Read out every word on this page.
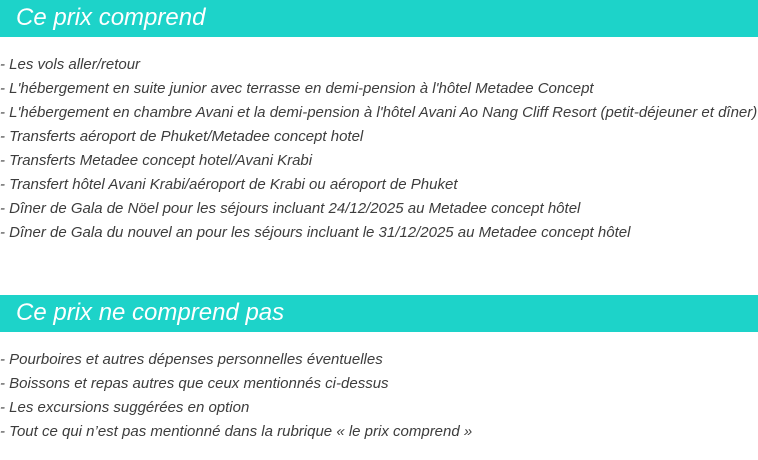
Ce prix comprend
- Les vols aller/retour
- L'hébergement en suite junior avec terrasse en demi-pension à l'hôtel Metadee Concept
- L'hébergement en chambre Avani et la demi-pension à l'hôtel Avani Ao Nang Cliff Resort (petit-déjeuner et dîner)
- Transferts aéroport de Phuket/Metadee concept hotel
- Transferts Metadee concept hotel/Avani Krabi
- Transfert hôtel Avani Krabi/aéroport de Krabi ou aéroport de Phuket
- Dîner de Gala de Nöel pour les séjours incluant 24/12/2025 au Metadee concept hôtel
- Dîner de Gala du nouvel an pour les séjours incluant le 31/12/2025 au Metadee concept hôtel
Ce prix ne comprend pas
- Pourboires et autres dépenses personnelles éventuelles
- Boissons et repas autres que ceux mentionnés ci-dessus
- Les excursions suggérées en option
- Tout ce qui n’est pas mentionné dans la rubrique « le prix comprend »
